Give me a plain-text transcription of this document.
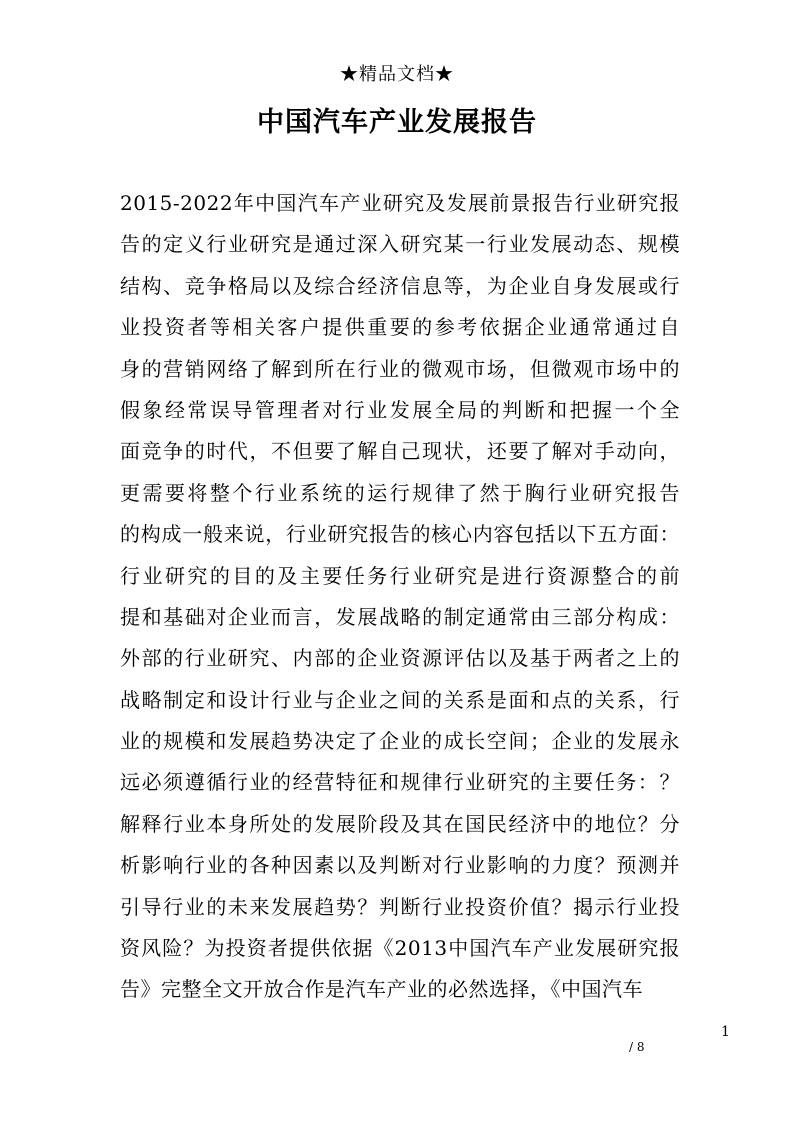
★精品文档★
中国汽车产业发展报告
2015-2022年中国汽车产业研究及发展前景报告行业研究报
告的定义行业研究是通过深入研究某一行业发展动态、规模
结构、竞争格局以及综合经济信息等，为企业自身发展或行
业投资者等相关客户提供重要的参考依据企业通常通过自
身的营销网络了解到所在行业的微观市场，但微观市场中的
假象经常误导管理者对行业发展全局的判断和把握一个全
面竞争的时代，不但要了解自己现状，还要了解对手动向，
更需要将整个行业系统的运行规律了然于胸行业研究报告
的构成一般来说，行业研究报告的核心内容包括以下五方面：
行业研究的目的及主要任务行业研究是进行资源整合的前
提和基础对企业而言，发展战略的制定通常由三部分构成：
外部的行业研究、内部的企业资源评估以及基于两者之上的
战略制定和设计行业与企业之间的关系是面和点的关系，行
业的规模和发展趋势决定了企业的成长空间；企业的发展永
远必须遵循行业的经营特征和规律行业研究的主要任务：？
解释行业本身所处的发展阶段及其在国民经济中的地位？分
析影响行业的各种因素以及判断对行业影响的力度？预测并
引导行业的未来发展趋势？判断行业投资价值？揭示行业投
资风险？为投资者提供依据《2013中国汽车产业发展研究报
告》完整全文开放合作是汽车产业的必然选择，《中国汽车
1
/ 8
